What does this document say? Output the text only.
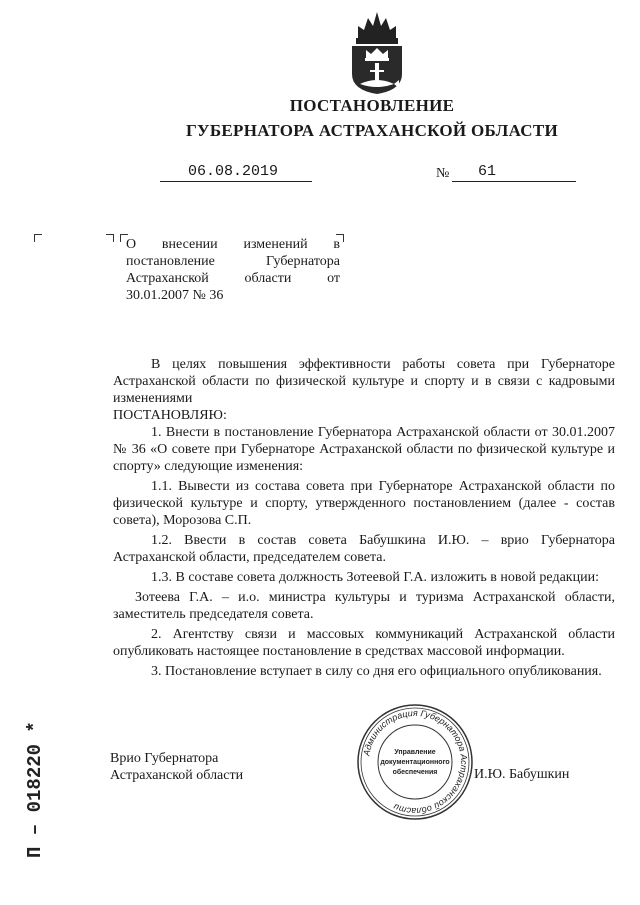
ПОСТАНОВЛЕНИЕ
ГУБЕРНАТОРА АСТРАХАНСКОЙ ОБЛАСТИ
06.08.2019	№ 61
О внесении изменений в постановление Губернатора Астраханской области от 30.01.2007 № 36

В целях повышения эффективности работы совета при Губернаторе Астраханской области по физической культуре и спорту и в связи с кадровыми изменениями

ПОСТАНОВЛЯЮ:

1. Внести в постановление Губернатора Астраханской области от 30.01.2007 № 36 «О совете при Губернаторе Астраханской области по физической культуре и спорту» следующие изменения:

1.1. Вывести из состава совета при Губернаторе Астраханской области по физической культуре и спорту, утвержденного постановлением (далее - состав совета), Морозова С.П.

1.2. Ввести в состав совета Бабушкина И.Ю. – врио Губернатора Астраханской области, председателем совета.

1.3. В составе совета должность Зотеевой Г.А. изложить в новой редакции:

Зотеева Г.А. – и.о. министра культуры и туризма Астраханской области, заместитель председателя совета.

2. Агентству связи и массовых коммуникаций Астраханской области опубликовать настоящее постановление в средствах массовой информации.

3. Постановление вступает в силу со дня его официального опубликования.

Врио Губернатора
Астраханской области	И.Ю. Бабушкин
Администрация Губернатора Астраханской области
Управление
документационного
обеспечения
П – 018220 *
